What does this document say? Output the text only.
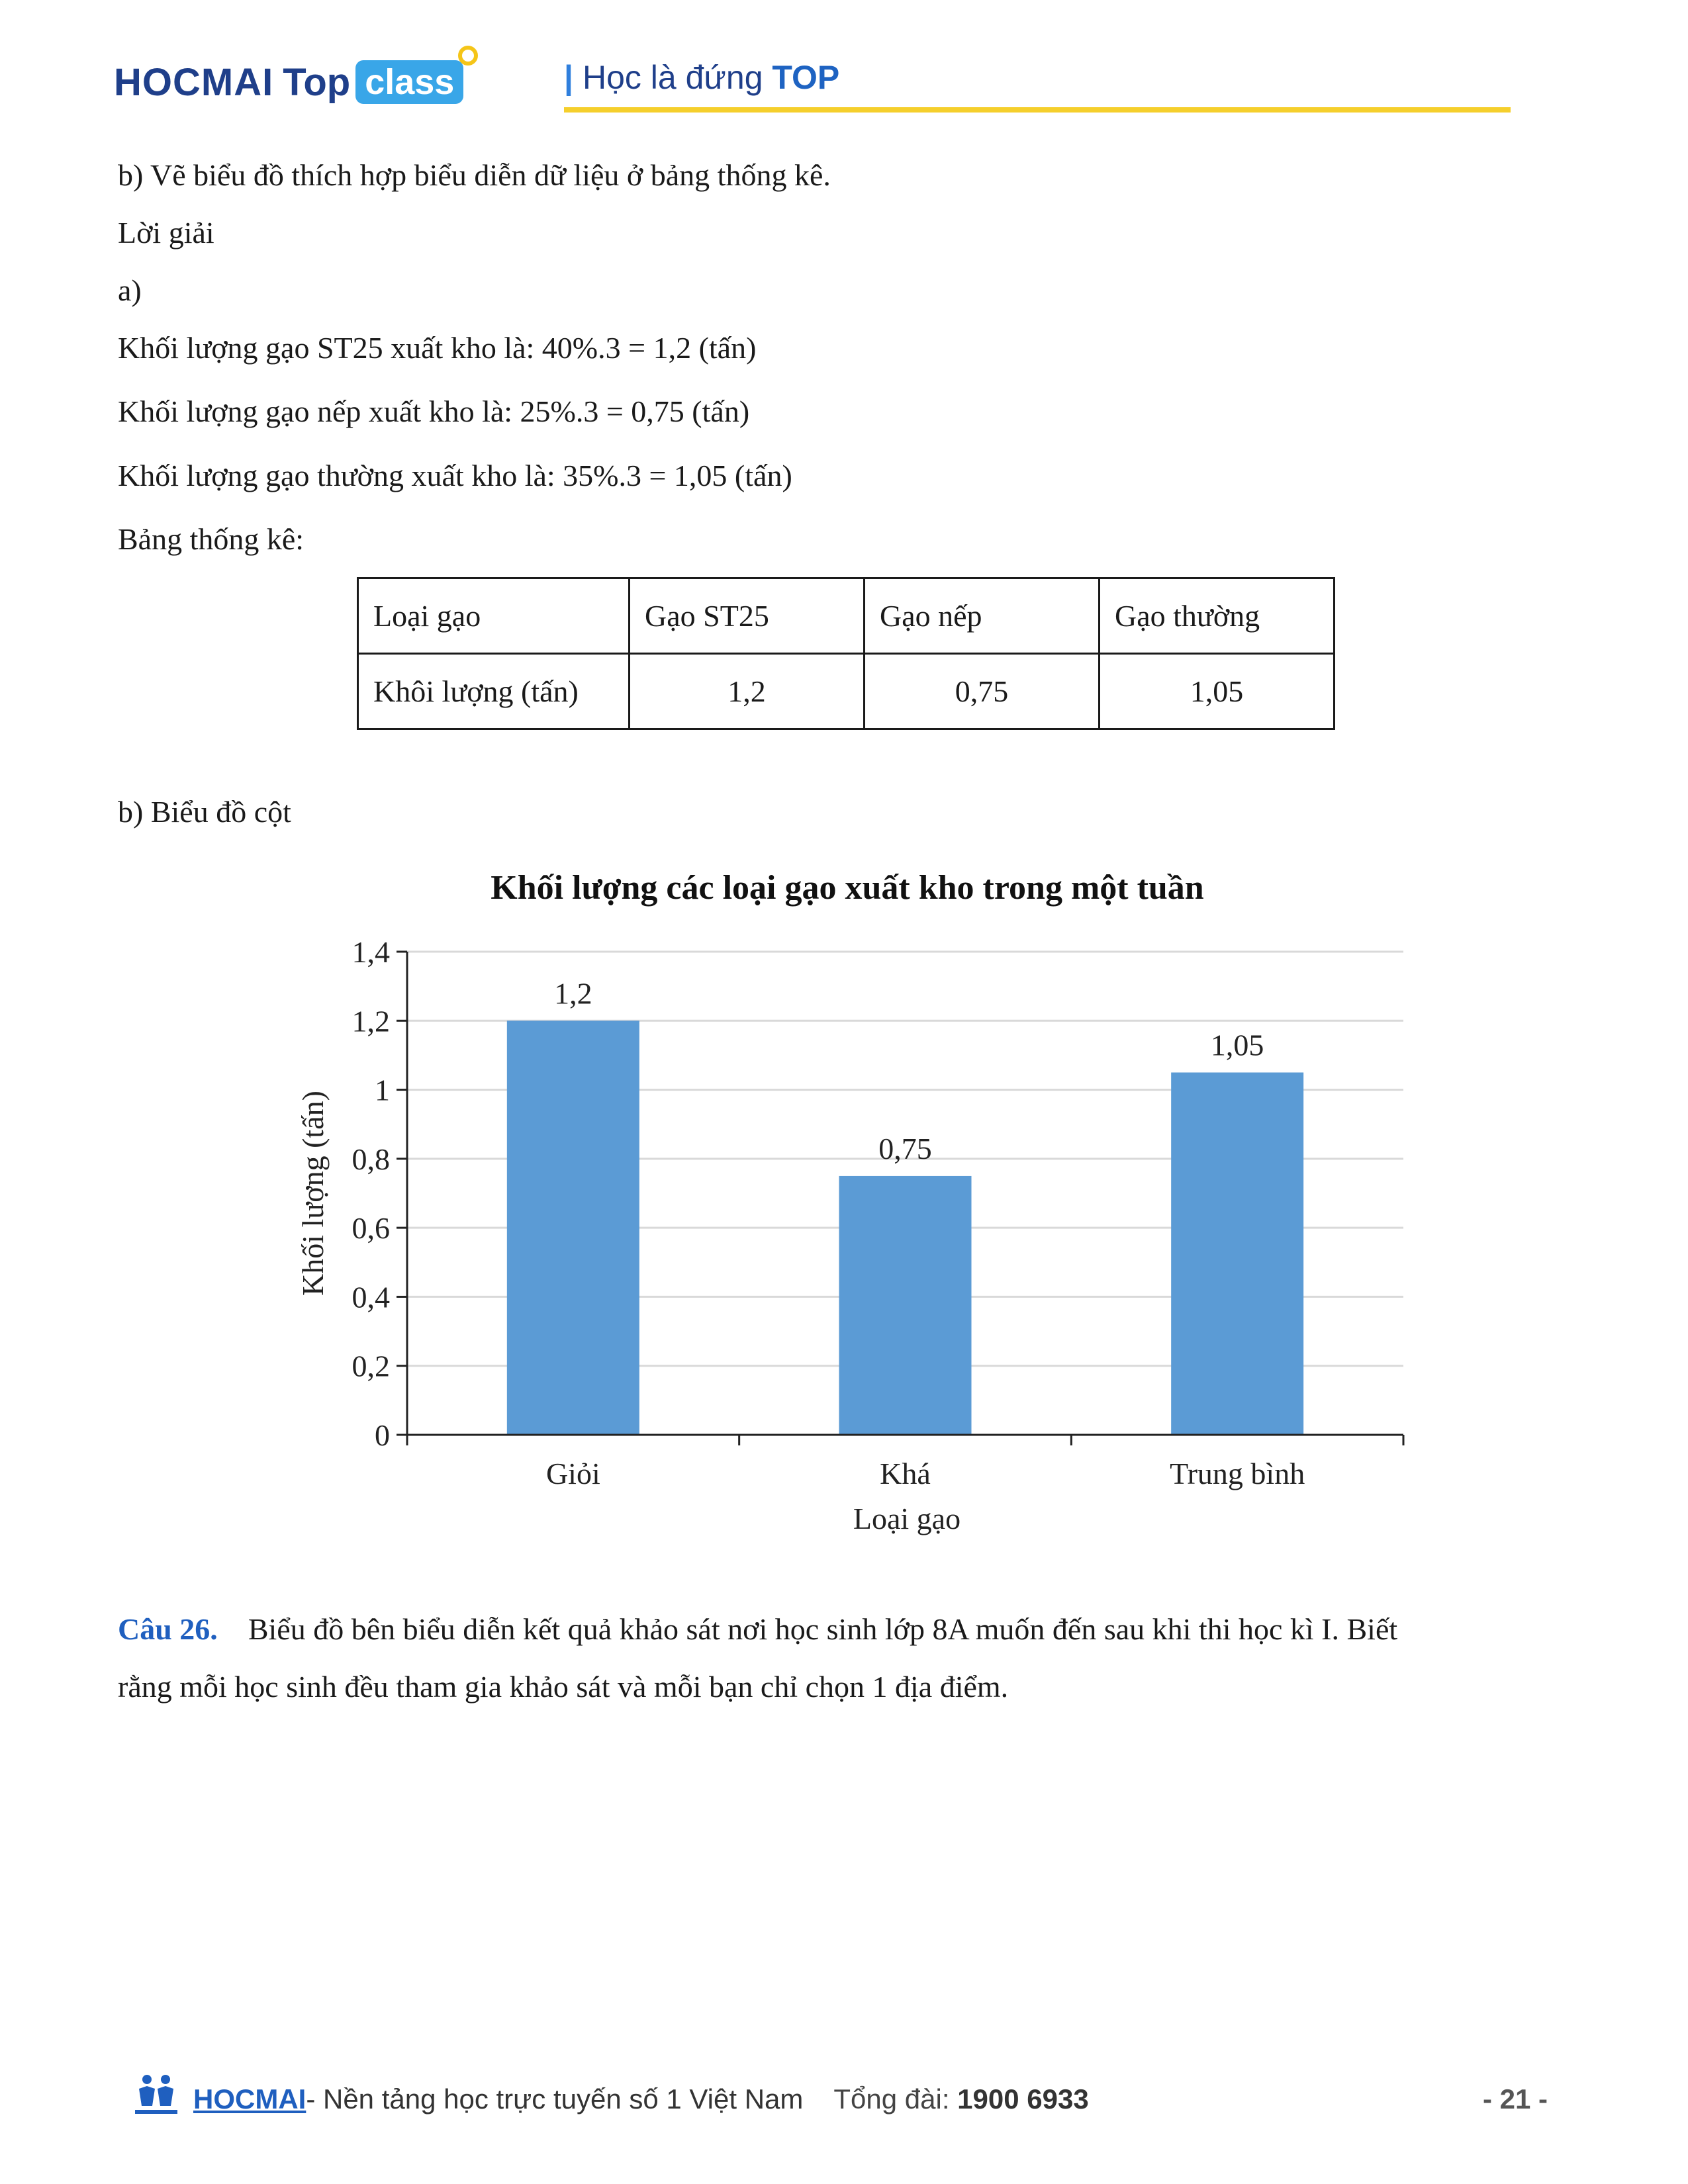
HOCMAI Top class	| Học là đứng TOP
b) Vẽ biểu đồ thích hợp biểu diễn dữ liệu ở bảng thống kê.
Lời giải
a)
Khối lượng gạo ST25 xuất kho là: 40%.3 = 1,2 (tấn)
Khối lượng gạo nếp xuất kho là: 25%.3 = 0,75 (tấn)
Khối lượng gạo thường xuất kho là: 35%.3 = 1,05 (tấn)
Bảng thống kê:
Loại gạo	Gạo ST25	Gạo nếp	Gạo thường
Khôi lượng (tấn)	1,2	0,75	1,05
b) Biểu đồ cột
Khối lượng các loại gạo xuất kho trong một tuần
1,2
0,75
1,05
0
0,2
0,4
0,6
0,8
1
1,2
1,4
Giỏi	Khá	Trung bình
Khối lượng (tấn)
Loại gạo
Câu 26. Biểu đồ bên biểu diễn kết quả khảo sát nơi học sinh lớp 8A muốn đến sau khi thi học kì I. Biết
rằng mỗi học sinh đều tham gia khảo sát và mỗi bạn chỉ chọn 1 địa điểm.
HOCMAI - Nền tảng học trực tuyến số 1 Việt Nam Tổng đài: 1900 6933	- 21 -
